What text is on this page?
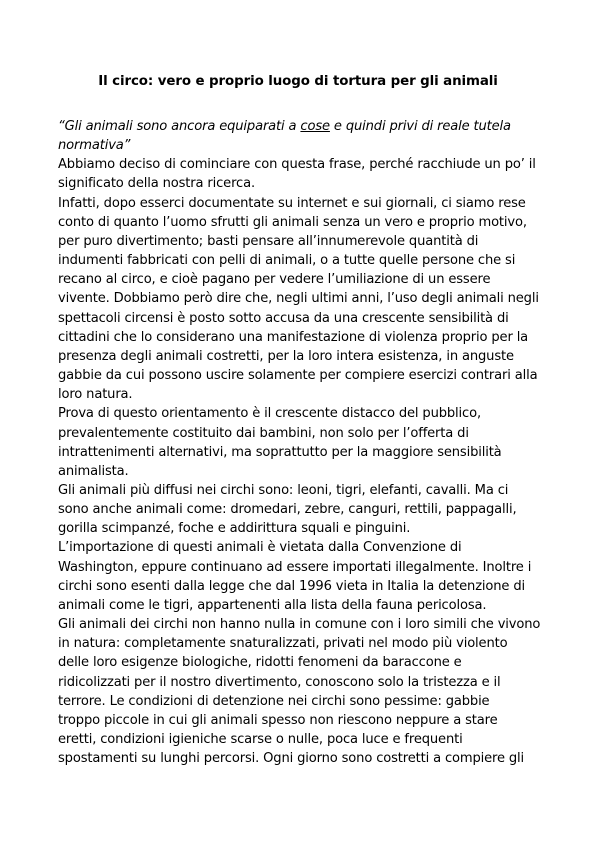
Il circo: vero e proprio luogo di tortura per gli animali
“Gli animali sono ancora equiparati a cose e quindi privi di reale tutela
normativa”
Abbiamo deciso di cominciare con questa frase, perché racchiude un po’ il
significato della nostra ricerca.
Infatti, dopo esserci documentate su internet e sui giornali, ci siamo rese
conto di quanto l’uomo sfrutti gli animali senza un vero e proprio motivo,
per puro divertimento; basti pensare all’innumerevole quantità di
indumenti fabbricati con pelli di animali, o a tutte quelle persone che si
recano al circo, e cioè pagano per vedere l’umiliazione di un essere
vivente. Dobbiamo però dire che, negli ultimi anni, l’uso degli animali negli
spettacoli circensi è posto sotto accusa da una crescente sensibilità di
cittadini che lo considerano una manifestazione di violenza proprio per la
presenza degli animali costretti, per la loro intera esistenza, in anguste
gabbie da cui possono uscire solamente per compiere esercizi contrari alla
loro natura.
Prova di questo orientamento è il crescente distacco del pubblico,
prevalentemente costituito dai bambini, non solo per l’offerta di
intrattenimenti alternativi, ma soprattutto per la maggiore sensibilità
animalista.
Gli animali più diffusi nei circhi sono: leoni, tigri, elefanti, cavalli. Ma ci
sono anche animali come: dromedari, zebre, canguri, rettili, pappagalli,
gorilla scimpanzé, foche e addirittura squali e pinguini.
L’importazione di questi animali è vietata dalla Convenzione di
Washington, eppure continuano ad essere importati illegalmente. Inoltre i
circhi sono esenti dalla legge che dal 1996 vieta in Italia la detenzione di
animali come le tigri, appartenenti alla lista della fauna pericolosa.
Gli animali dei circhi non hanno nulla in comune con i loro simili che vivono
in natura: completamente snaturalizzati, privati nel modo più violento
delle loro esigenze biologiche, ridotti fenomeni da baraccone e
ridicolizzati per il nostro divertimento, conoscono solo la tristezza e il
terrore. Le condizioni di detenzione nei circhi sono pessime: gabbie
troppo piccole in cui gli animali spesso non riescono neppure a stare
eretti, condizioni igieniche scarse o nulle, poca luce e frequenti
spostamenti su lunghi percorsi. Ogni giorno sono costretti a compiere gli
